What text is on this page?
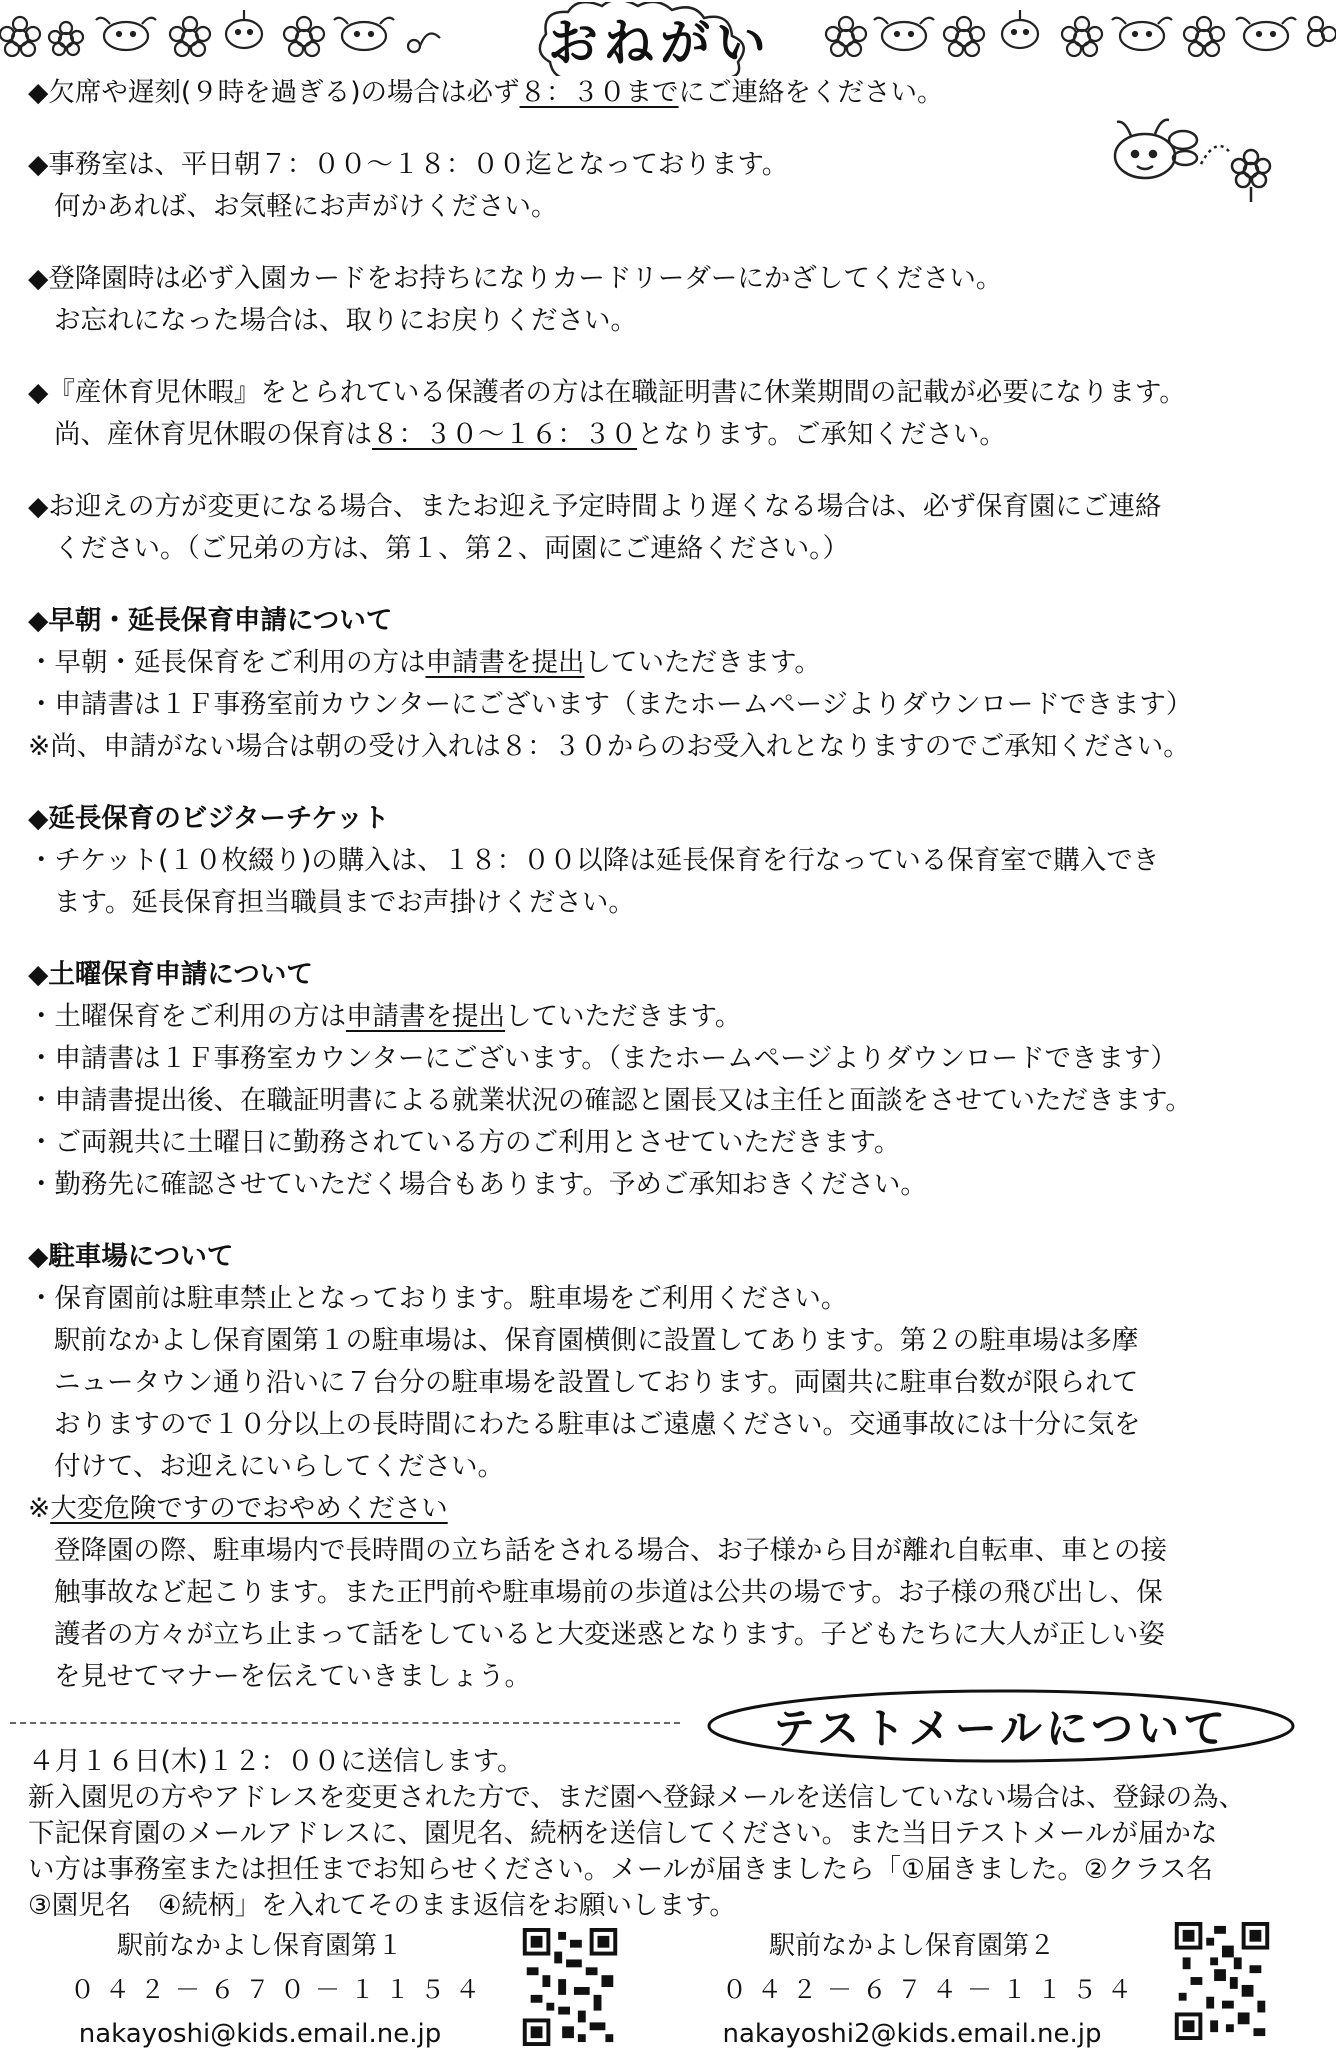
おねがい
◆欠席や遅刻(９時を過ぎる)の場合は必ず８：３０までにご連絡をください。
◆事務室は、平日朝７：００～１８：００迄となっております。
何かあれば、お気軽にお声がけください。
◆登降園時は必ず入園カードをお持ちになりカードリーダーにかざしてください。
お忘れになった場合は、取りにお戻りください。
◆『産休育児休暇』をとられている保護者の方は在職証明書に休業期間の記載が必要になります。
尚、産休育児休暇の保育は８：３０～１６：３０となります。ご承知ください。
◆お迎えの方が変更になる場合、またお迎え予定時間より遅くなる場合は、必ず保育園にご連絡
ください。（ご兄弟の方は、第１、第２、両園にご連絡ください。）
◆早朝・延長保育申請について
・早朝・延長保育をご利用の方は申請書を提出していただきます。
・申請書は１Ｆ事務室前カウンターにございます（またホームページよりダウンロードできます）
※尚、申請がない場合は朝の受け入れは８：３０からのお受入れとなりますのでご承知ください。
◆延長保育のビジターチケット
・チケット(１０枚綴り)の購入は、１８：００以降は延長保育を行なっている保育室で購入でき
ます。延長保育担当職員までお声掛けください。
◆土曜保育申請について
・土曜保育をご利用の方は申請書を提出していただきます。
・申請書は１Ｆ事務室カウンターにございます。（またホームページよりダウンロードできます）
・申請書提出後、在職証明書による就業状況の確認と園長又は主任と面談をさせていただきます。
・ご両親共に土曜日に勤務されている方のご利用とさせていただきます。
・勤務先に確認させていただく場合もあります。予めご承知おきください。
◆駐車場について
・保育園前は駐車禁止となっております。駐車場をご利用ください。
駅前なかよし保育園第１の駐車場は、保育園横側に設置してあります。第２の駐車場は多摩
ニュータウン通り沿いに７台分の駐車場を設置しております。両園共に駐車台数が限られて
おりますので１０分以上の長時間にわたる駐車はご遠慮ください。交通事故には十分に気を
付けて、お迎えにいらしてください。
※大変危険ですのでおやめください
登降園の際、駐車場内で長時間の立ち話をされる場合、お子様から目が離れ自転車、車との接
触事故など起こります。また正門前や駐車場前の歩道は公共の場です。お子様の飛び出し、保
護者の方々が立ち止まって話をしていると大変迷惑となります。子どもたちに大人が正しい姿
を見せてマナーを伝えていきましょう。
テストメールについて
４月１６日(木)１２：００に送信します。
新入園児の方やアドレスを変更された方で、まだ園へ登録メールを送信していない場合は、登録の為、
下記保育園のメールアドレスに、園児名、続柄を送信してください。また当日テストメールが届かな
い方は事務室または担任までお知らせください。メールが届きましたら「①届きました。②クラス名
③園児名　④続柄」を入れてそのまま返信をお願いします。
駅前なかよし保育園第１
０４２－６７０－１１５４
nakayoshi@kids.email.ne.jp
駅前なかよし保育園第２
０４２－６７４－１１５４
nakayoshi2@kids.email.ne.jp
